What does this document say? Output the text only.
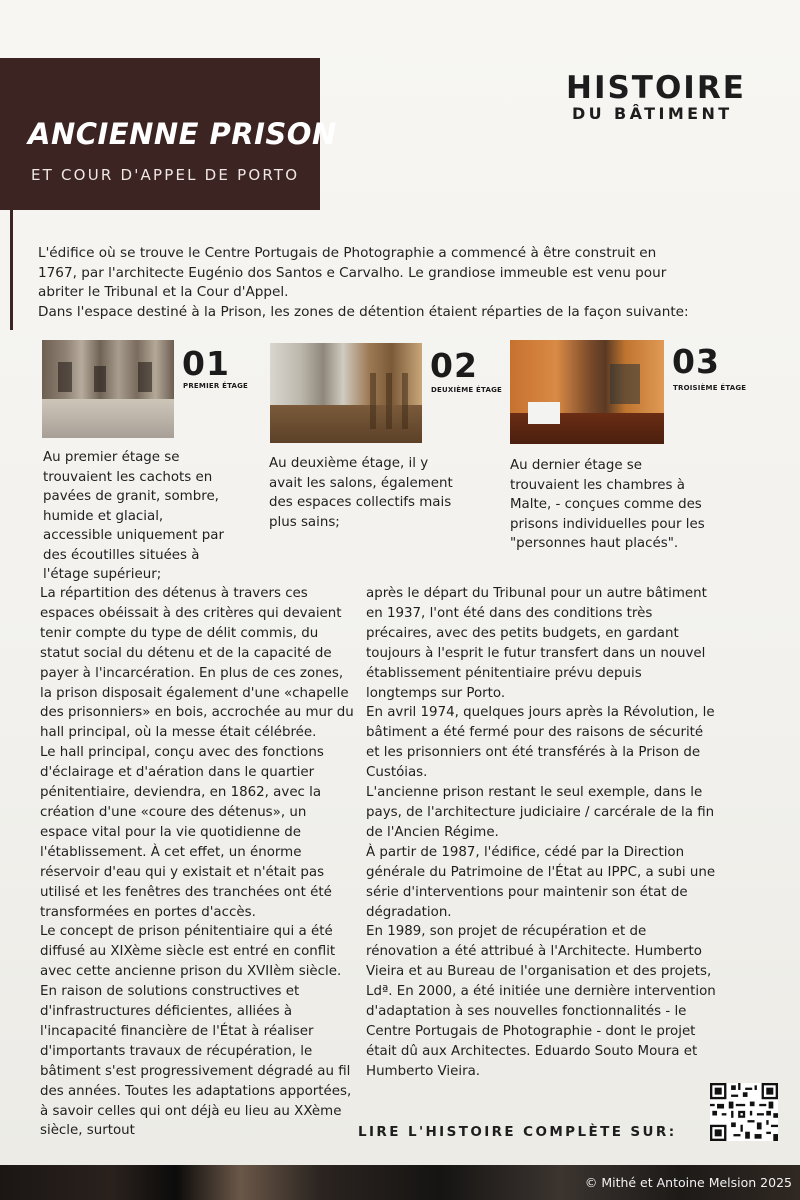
ANCIENNE PRISON
ET COUR D'APPEL DE PORTO
HISTOIRE
DU BÂTIMENT

L'édifice où se trouve le Centre Portugais de Photographie a commencé à être construit en 1767, par l'architecte Eugénio dos Santos e Carvalho. Le grandiose immeuble est venu pour abriter le Tribunal et la Cour d'Appel.

Dans l'espace destiné à la Prison, les zones de détention étaient réparties de la façon suivante:

01
PREMIER ÉTAGE
Au premier étage se trouvaient les cachots en pavées de granit, sombre, humide et glacial, accessible uniquement par des écoutilles situées à l'étage supérieur;
02
DEUXIÈME ÉTAGE
Au deuxième étage, il y avait les salons, également des espaces collectifs mais plus sains;
03
TROISIÈME ÉTAGE
Au dernier étage se trouvaient les chambres à Malte, - conçues comme des prisons individuelles pour les "personnes haut placés".

La répartition des détenus à travers ces espaces obéissait à des critères qui devaient tenir compte du type de délit commis, du statut social du détenu et de la capacité de payer à l'incarcération. En plus de ces zones, la prison disposait également d'une «chapelle des prisonniers» en bois, accrochée au mur du hall principal, où la messe était célébrée.

Le hall principal, conçu avec des fonctions d'éclairage et d'aération dans le quartier pénitentiaire, deviendra, en 1862, avec la création d'une «coure des détenus», un espace vital pour la vie quotidienne de l'établissement. À cet effet, un énorme réservoir d'eau qui y existait et n'était pas utilisé et les fenêtres des tranchées ont été transformées en portes d'accès.

Le concept de prison pénitentiaire qui a été diffusé au XIXème siècle est entré en conflit avec cette ancienne prison du XVIIèm siècle. En raison de solutions constructives et d'infrastructures déficientes, alliées à l'incapacité financière de l'État à réaliser d'importants travaux de récupération, le bâtiment s'est progressivement dégradé au fil des années. Toutes les adaptations apportées, à savoir celles qui ont déjà eu lieu au XXème siècle, surtout

après le départ du Tribunal pour un autre bâtiment en 1937, l'ont été dans des conditions très précaires, avec des petits budgets, en gardant toujours à l'esprit le futur transfert dans un nouvel établissement pénitentiaire prévu depuis longtemps sur Porto.

En avril 1974, quelques jours après la Révolution, le bâtiment a été fermé pour des raisons de sécurité et les prisonniers ont été transférés à la Prison de Custóias.

L'ancienne prison restant le seul exemple, dans le pays, de l'architecture judiciaire / carcérale de la fin de l'Ancien Régime.

À partir de 1987, l'édifice, cédé par la Direction générale du Patrimoine de l'État au IPPC, a subi une série d'interventions pour maintenir son état de dégradation.

En 1989, son projet de récupération et de rénovation a été attribué à l'Architecte. Humberto Vieira et au Bureau de l'organisation et des projets, Ldª. En 2000, a été initiée une dernière intervention d'adaptation à ses nouvelles fonctionnalités - le Centre Portugais de Photographie - dont le projet était dû aux Architectes. Eduardo Souto Moura et Humberto Vieira.

LIRE L'HISTOIRE COMPLÈTE SUR:
© Mithé et Antoine Melsion 2025
